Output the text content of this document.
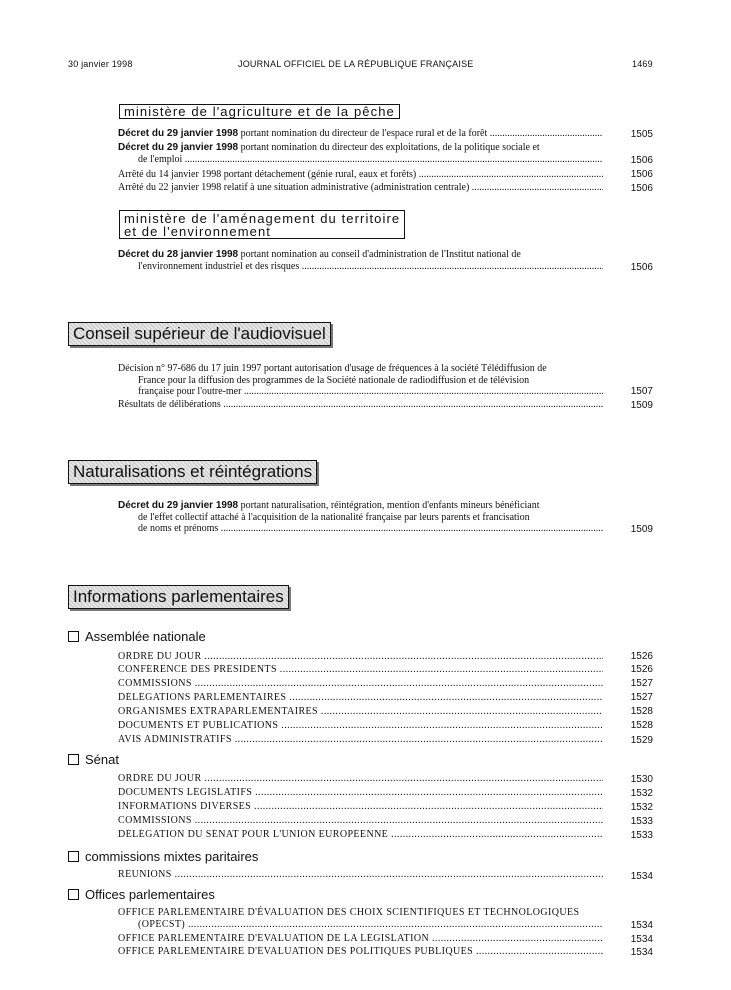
30 janvier 1998	JOURNAL OFFICIEL DE LA RÉPUBLIQUE FRANÇAISE	1469
ministère de l'agriculture et de la pêche
Décret du 29 janvier 1998 portant nomination du directeur de l'espace rural et de la forêt .....	1505
Décret du 29 janvier 1998 portant nomination du directeur des exploitations, de la politique sociale et
de l'emploi .....	1506
Arrêté du 14 janvier 1998 portant détachement (génie rural, eaux et forêts) .....	1506
Arrêté du 22 janvier 1998 relatif à une situation administrative (administration centrale) .....	1506
ministère de l'aménagement du territoire
et de l'environnement
Décret du 28 janvier 1998 portant nomination au conseil d'administration de l'Institut national de
l'environnement industriel et des risques .....	1506
Conseil supérieur de l'audiovisuel
Décision n° 97-686 du 17 juin 1997 portant autorisation d'usage de fréquences à la société Télédiffusion de
France pour la diffusion des programmes de la Société nationale de radiodiffusion et de télévision
française pour l'outre-mer .....	1507
Résultats de délibérations .....	1509
Naturalisations et réintégrations
Décret du 29 janvier 1998 portant naturalisation, réintégration, mention d'enfants mineurs bénéficiant
de l'effet collectif attaché à l'acquisition de la nationalité française par leurs parents et francisation
de noms et prénoms .....	1509
Informations parlementaires
Assemblée nationale
ORDRE DU JOUR .....	1526
CONFÉRENCE DES PRÉSIDENTS .....	1526
COMMISSIONS .....	1527
DÉLÉGATIONS PARLEMENTAIRES .....	1527
ORGANISMES EXTRAPARLEMENTAIRES .....	1528
DOCUMENTS ET PUBLICATIONS .....	1528
AVIS ADMINISTRATIFS .....	1529
Sénat
ORDRE DU JOUR .....	1530
DOCUMENTS LÉGISLATIFS .....	1532
INFORMATIONS DIVERSES .....	1532
COMMISSIONS .....	1533
DÉLÉGATION DU SÉNAT POUR L'UNION EUROPÉENNE .....	1533
commissions mixtes paritaires
RÉUNIONS .....	1534
Offices parlementaires
OFFICE PARLEMENTAIRE D'ÉVALUATION DES CHOIX SCIENTIFIQUES ET TECHNOLOGIQUES
(OPECST) .....	1534
OFFICE PARLEMENTAIRE D'ÉVALUATION DE LA LÉGISLATION .....	1534
OFFICE PARLEMENTAIRE D'ÉVALUATION DES POLITIQUES PUBLIQUES .....	1534
